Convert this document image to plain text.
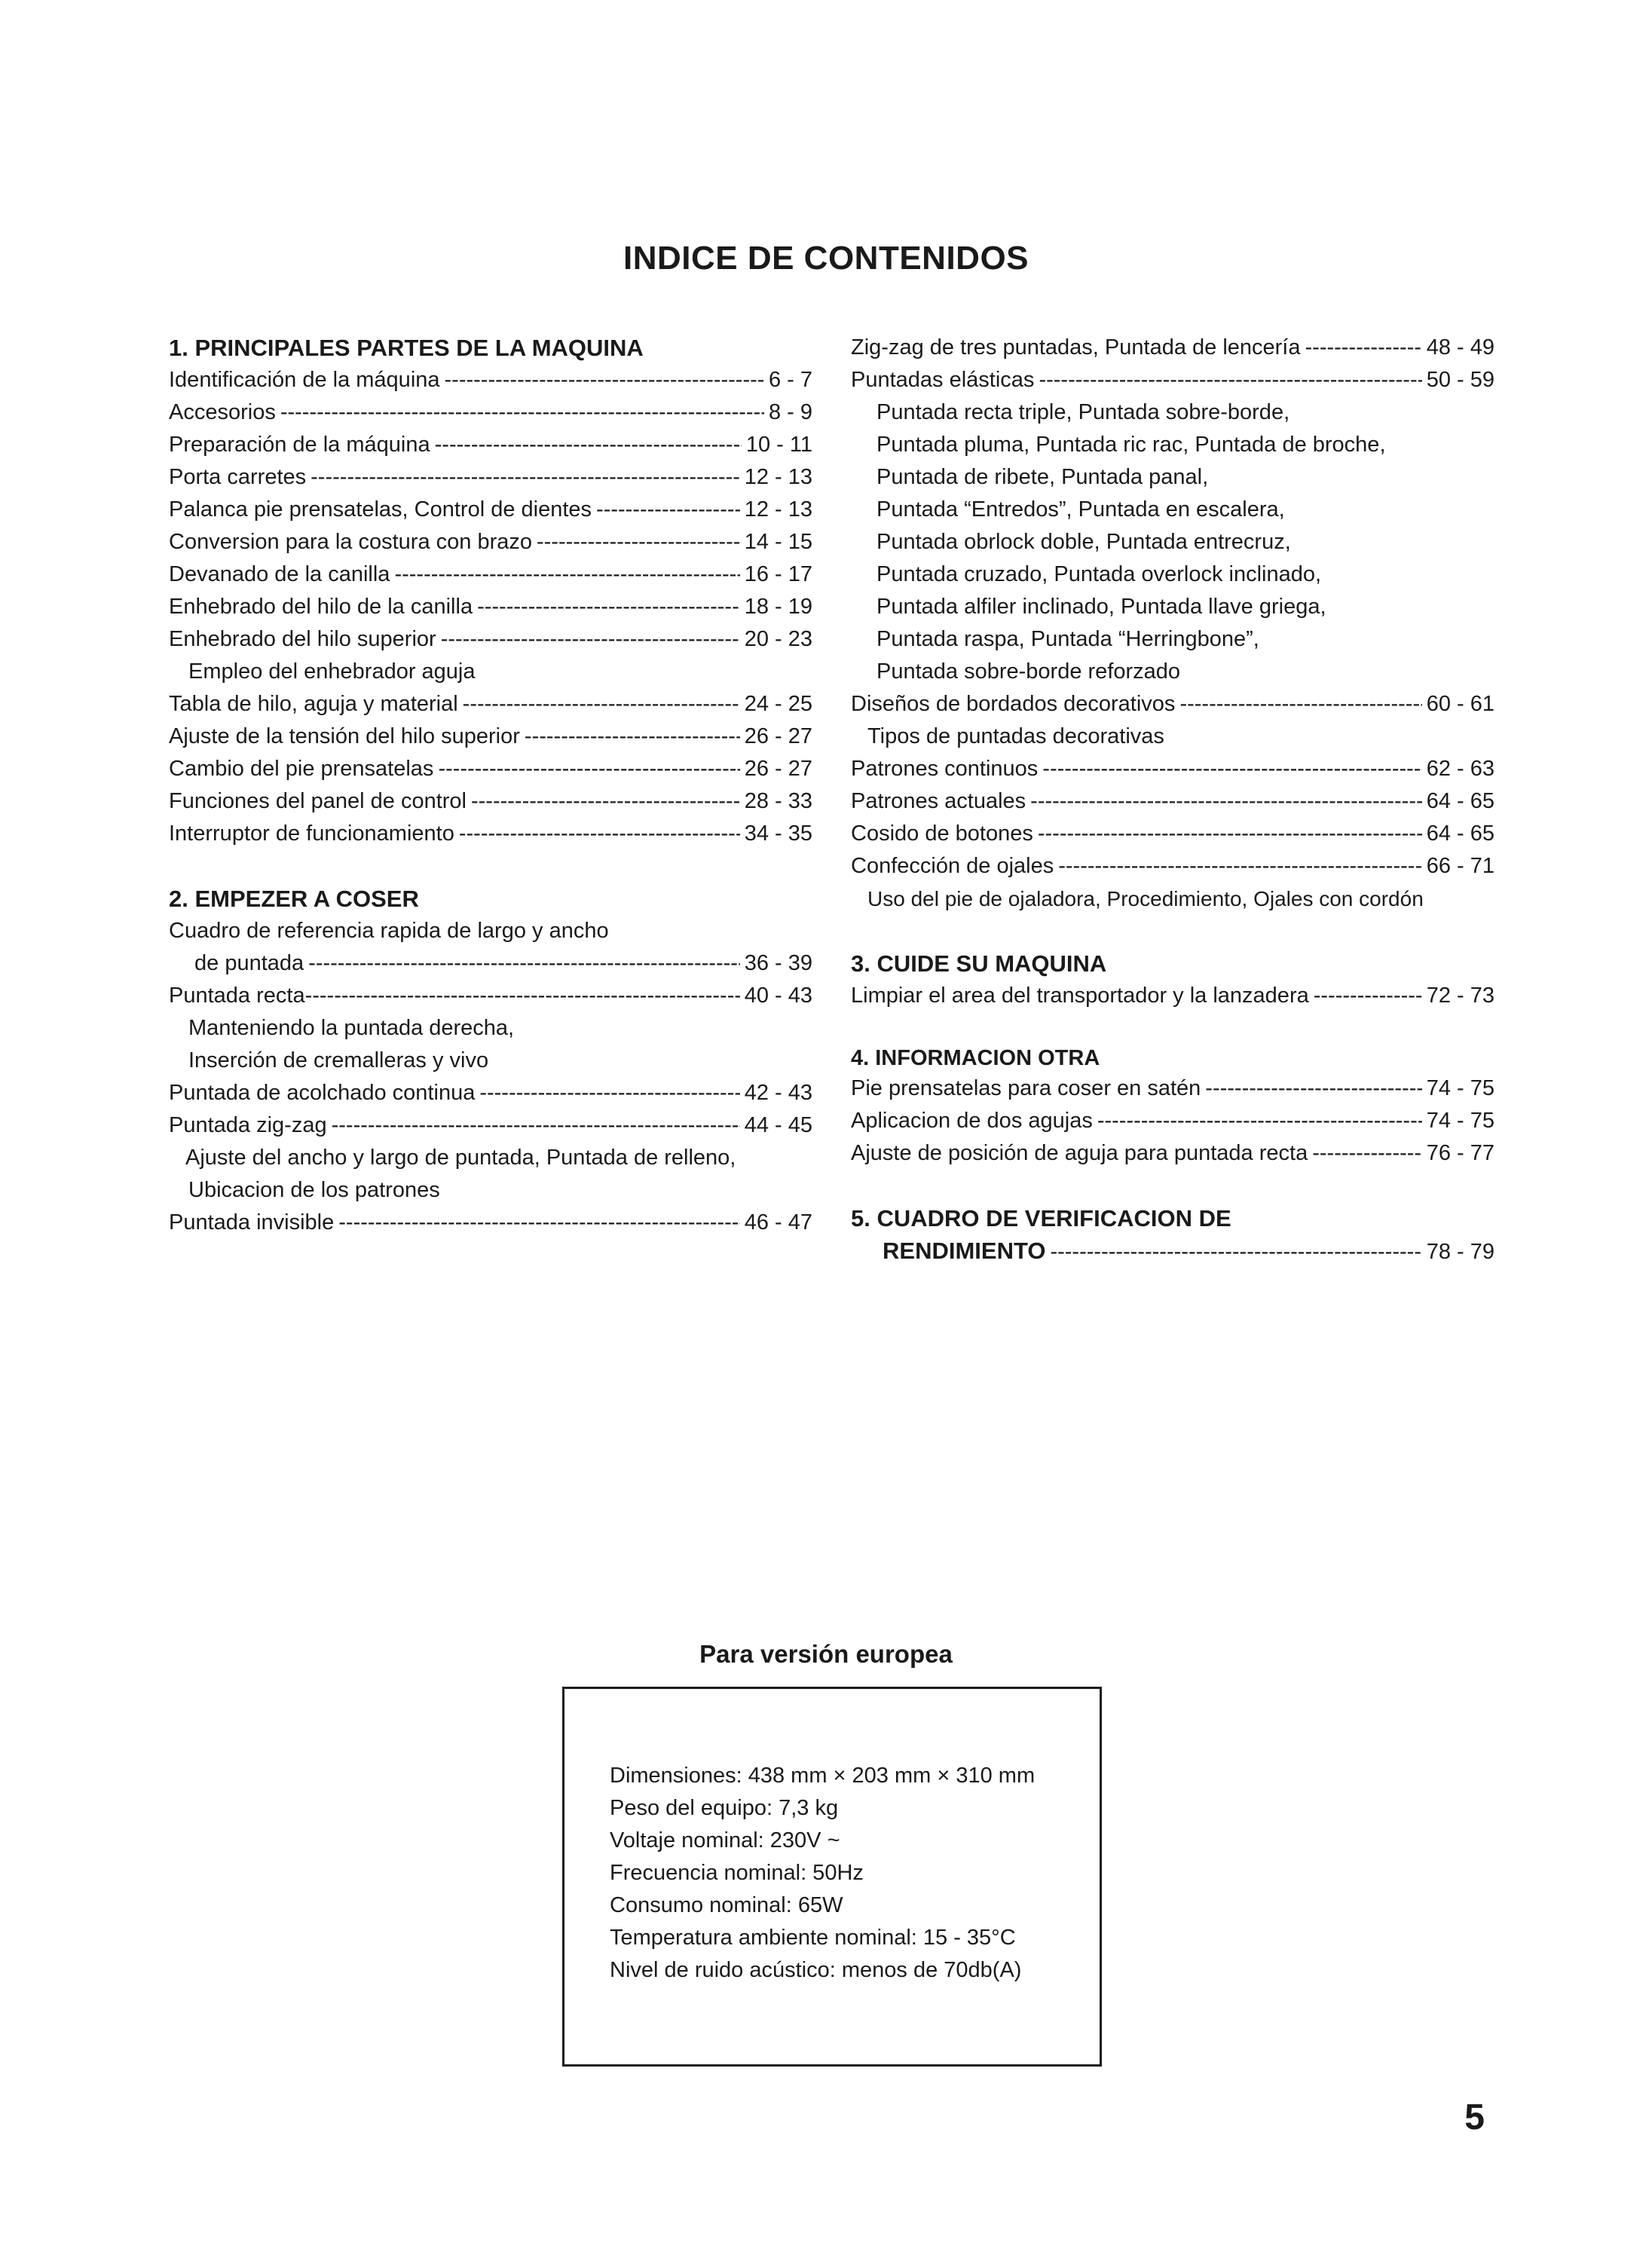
INDICE DE CONTENIDOS
1. PRINCIPALES PARTES DE LA MAQUINA
Identificación de la máquina -----	6 - 7
Accesorios -----	8 - 9
Preparación de la máquina -----	10 - 11
Porta carretes -----	12 - 13
Palanca pie prensatelas, Control de dientes -----	12 - 13
Conversion para la costura con brazo -----	14 - 15
Devanado de la canilla -----	16 - 17
Enhebrado del hilo de la canilla -----	18 - 19
Enhebrado del hilo superior -----	20 - 23
Empleo del enhebrador aguja
Tabla de hilo, aguja y material -----	24 - 25
Ajuste de la tensión del hilo superior -----	26 - 27
Cambio del pie prensatelas -----	26 - 27
Funciones del panel de control -----	28 - 33
Interruptor de funcionamiento -----	34 - 35
2. EMPEZER A COSER
Cuadro de referencia rapida de largo y ancho
de puntada -----	36 - 39
Puntada recta -----	40 - 43
Manteniendo la puntada derecha,
Inserción de cremalleras y vivo
Puntada de acolchado continua -----	42 - 43
Puntada zig-zag -----	44 - 45
Ajuste del ancho y largo de puntada, Puntada de relleno,
Ubicacion de los patrones
Puntada invisible -----	46 - 47
Zig-zag de tres puntadas, Puntada de lencería -----	48 - 49
Puntadas elásticas -----	50 - 59
Puntada recta triple, Puntada sobre-borde,
Puntada pluma, Puntada ric rac, Puntada de broche,
Puntada de ribete, Puntada panal,
Puntada “Entredos”, Puntada en escalera,
Puntada obrlock doble, Puntada entrecruz,
Puntada cruzado, Puntada overlock inclinado,
Puntada alfiler inclinado, Puntada llave griega,
Puntada raspa, Puntada “Herringbone”,
Puntada sobre-borde reforzado
Diseños de bordados decorativos -----	60 - 61
Tipos de puntadas decorativas
Patrones continuos -----	62 - 63
Patrones actuales -----	64 - 65
Cosido de botones -----	64 - 65
Confección de ojales -----	66 - 71
Uso del pie de ojaladora, Procedimiento, Ojales con cordón
3. CUIDE SU MAQUINA
Limpiar el area del transportador y la lanzadera -----	72 - 73
4. INFORMACION OTRA
Pie prensatelas para coser en satén -----	74 - 75
Aplicacion de dos agujas -----	74 - 75
Ajuste de posición de aguja para puntada recta -----	76 - 77
5. CUADRO DE VERIFICACION DE
RENDIMIENTO -----	78 - 79
Para versión europea
Dimensiones: 438 mm × 203 mm × 310 mm
Peso del equipo: 7,3 kg
Voltaje nominal: 230V ~
Frecuencia nominal: 50Hz
Consumo nominal: 65W
Temperatura ambiente nominal: 15 - 35°C
Nivel de ruido acústico: menos de 70db(A)
5
